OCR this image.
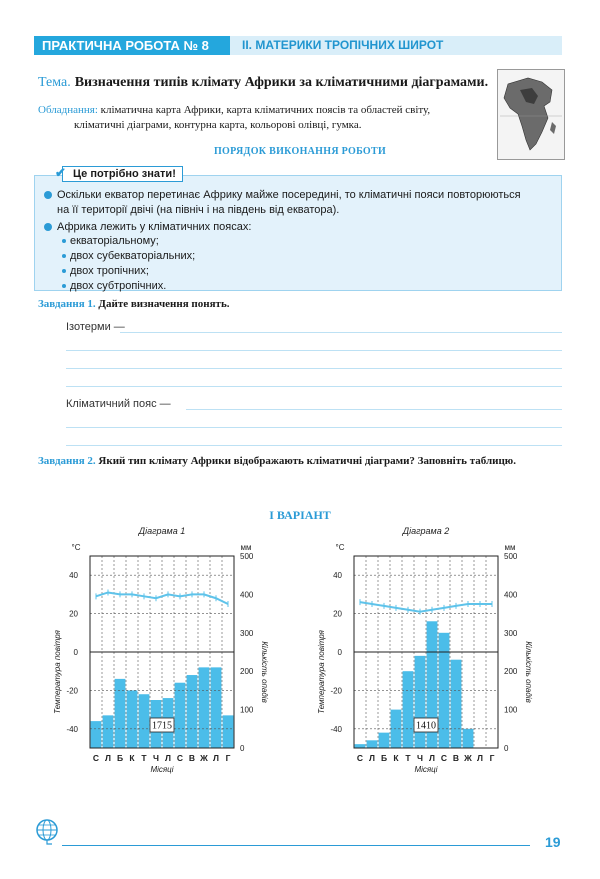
ПРАКТИЧНА РОБОТА № 8	II. МАТЕРИКИ ТРОПІЧНИХ ШИРОТ
Тема. Визначення типів клімату Африки за кліматичними діаграмами.
Обладнання: кліматична карта Африки, карта кліматичних поясів та областей світу,
кліматичні діаграми, контурна карта, кольорові олівці, гумка.
ПОРЯДОК ВИКОНАННЯ РОБОТИ
✔ Це потрібно знати!
Оскільки екватор перетинає Африку майже посередині, то кліматичні пояси повторюються
на її території двічі (на північ і на південь від екватора).
Африка лежить у кліматичних поясах:
екваторіальному;
двох субекваторіальних;
двох тропічних;
двох субтропічних.
Завдання 1. Дайте визначення понять.
Ізотерми —
Кліматичний пояс —
Завдання 2. Який тип клімату Африки відображають кліматичні діаграми? Заповніть таблицю.
І ВАРІАНТ
Діаграма 1
°С	мм
1715
40
20
0
-20
-40
500
400
300
200
100
0
Температура повітря	Кількість опадів
С Л Б К Т Ч Л С В Ж Л Г
Місяці
Діаграма 2
°С	мм
1410
40
20
0
-20
-40
500
400
300
200
100
0
Температура повітря	Кількість опадів
С Л Б К Т Ч Л С В Ж Л Г
Місяці
19
